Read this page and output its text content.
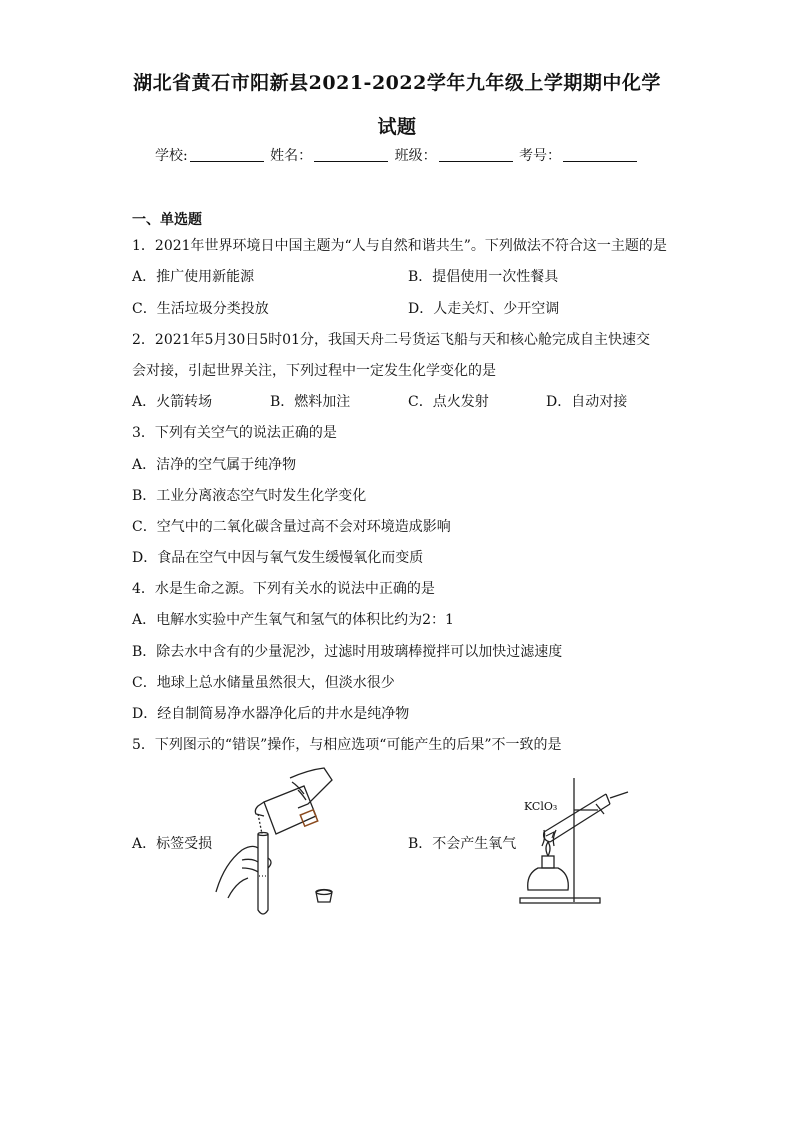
湖北省黄石市阳新县2021-2022学年九年级上学期期中化学
试题
学校:	姓名：	班级：	考号：
一、单选题
1．2021年世界环境日中国主题为“人与自然和谐共生”。下列做法不符合这一主题的是
A．推广使用新能源	B．提倡使用一次性餐具
C．生活垃圾分类投放	D．人走关灯、少开空调
2．2021年5月30日5时01分，我国天舟二号货运飞船与天和核心舱完成自主快速交
会对接，引起世界关注，下列过程中一定发生化学变化的是
A．火箭转场	B．燃料加注	C．点火发射	D．自动对接
3．下列有关空气的说法正确的是
A．洁净的空气属于纯净物
B．工业分离液态空气时发生化学变化
C．空气中的二氧化碳含量过高不会对环境造成影响
D．食品在空气中因与氧气发生缓慢氧化而变质
4．水是生命之源。下列有关水的说法中正确的是
A．电解水实验中产生氧气和氢气的体积比约为2：1
B．除去水中含有的少量泥沙，过滤时用玻璃棒搅拌可以加快过滤速度
C．地球上总水储量虽然很大，但淡水很少
D．经自制简易净水器净化后的井水是纯净物
5．下列图示的“错误”操作，与相应选项“可能产生的后果”不一致的是
A．标签受损	B．不会产生氧气
KClO₃
